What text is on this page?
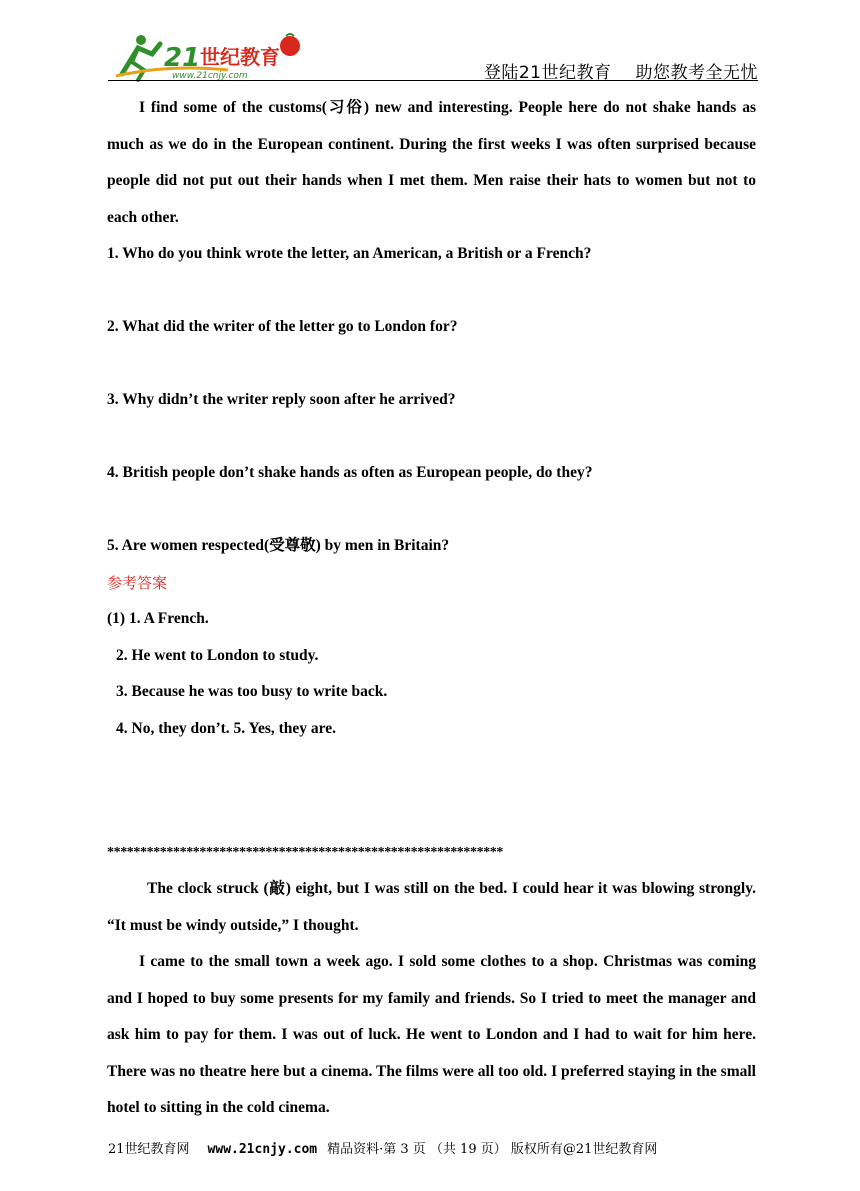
21 世纪教育
www.21cnjy.com	登陆21世纪教育 助您教考全无忧

I find some of the customs(习俗) new and interesting. People here do not shake hands as much as we do in the European continent. During the first weeks I was often surprised because people did not put out their hands when I met them. Men raise their hats to women but not to each other.

1. Who do you think wrote the letter, an American, a British or a French?

2. What did the writer of the letter go to London for?

3. Why didn’t the writer reply soon after he arrived?

4. British people don’t shake hands as often as European people, do they?

5. Are women respected(受尊敬) by men in Britain?

参考答案

(1) 1. A French.

2. He went to London to study.

3. Because he was too busy to write back.

4. No, they don’t. 5. Yes, they are.

************************************************************

The clock struck (敲) eight, but I was still on the bed. I could hear it was blowing strongly. “It must be windy outside,” I thought.

I came to the small town a week ago. I sold some clothes to a shop. Christmas was coming and I hoped to buy some presents for my family and friends. So I tried to meet the manager and ask him to pay for them. I was out of luck. He went to London and I had to wait for him here. There was no theatre here but a cinema. The films were all too old. I preferred staying in the small hotel to sitting in the cold cinema.

21世纪教育网 www.21cnjy.com 精品资料·第 3 页 （共 19 页） 版权所有@21世纪教育网
